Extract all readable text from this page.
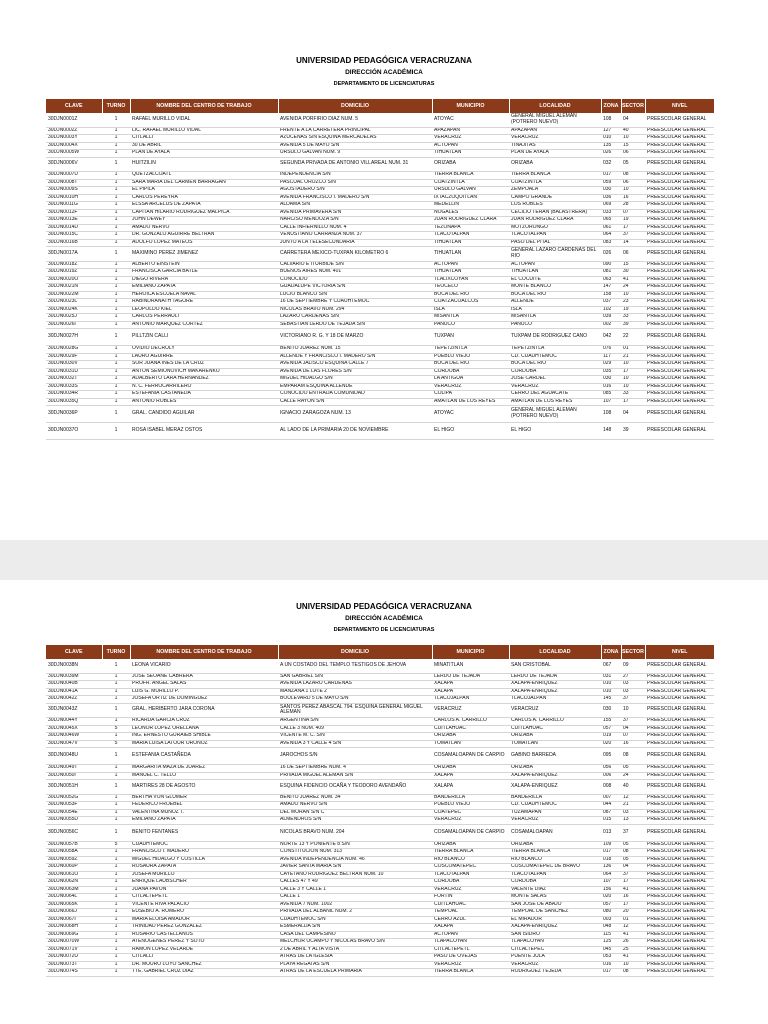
UNIVERSIDAD PEDAGÓGICA VERACRUZANA
DIRECCIÓN ACADÉMICA
DEPARTAMENTO DE LICENCIATURAS
CLAVE	TURNO	NOMBRE DEL CENTRO DE TRABAJO	DOMICILIO	MUNICIPIO	LOCALIDAD	ZONA	SECTOR	NIVEL
30DJN0001Z	1	RAFAEL MURILLO VIDAL	AVENIDA PORFIRIO DIAZ NUM. 5	ATOYAC	GENERAL MIGUEL ALEMAN (POTRERO NUEVO)	108	04	PREESCOLAR GENERAL
30DJN0002Z	1	LIC. RAFAEL MURILLO VIDAL	FRENTE A LA CARRETERA PRINCIPAL	APAZAPAN	APAZAPAN	127	40	PREESCOLAR GENERAL
30DJN0003Y	1	CITLALLI	AZUCENAS S/N ESQUINA MERCADELAS	VERACRUZ	VERACRUZ	010	10	PREESCOLAR GENERAL
30DJN0004X	1	30 DE ABRIL	AVENIDA 5 DE MAYO S/N	ACTOPAN	TINAJITAS	135	15	PREESCOLAR GENERAL
30DJN0005W	1	PLAN DE AYALA	URSULO GALVAN NUM. 9	TIHUATLAN	PLAN DE AYALA	026	06	PREESCOLAR GENERAL
30DJN0006V	1	HUITZILIN	SEGUNDA PRIVADA DE ANTONIO VILLAREAL NUM. 31	ORIZABA	ORIZABA	032	05	PREESCOLAR GENERAL
30DJN0007U	1	QUETZALCOATL	INDEPENDENCIA S/N	TIERRA BLANCA	TIERRA BLANCA	017	08	PREESCOLAR GENERAL
30DJN0008T	1	SARA MARIA DEL CARMEN BARRAGAN	PASCUAL OROZCO S/N	COATZINTLA	COATZINTLA	059	06	PREESCOLAR GENERAL
30DJN0009S	1	EL PIPILA	AGOSTADERO S/N	URSULO GALVAN	ZEMPOALA	030	10	PREESCOLAR GENERAL
30DJN0010H	1	CARLOS PEREYRA	AVENIDA FRANCISCO I. MADERO S/N	IXTACZOQUITLAN	CAMPO GRANDE	036	16	PREESCOLAR GENERAL
30DJN0011G	1	ELSSA ARCELUS DE ZAPATA	ALDAMA S/N	MEDELLIN	LOS ROBLES	069	28	PREESCOLAR GENERAL
30DJN0012F	1	CAPITAN HILARIO RODRIGUEZ MALPICA	AVENIDA PRIMAVERA S/N	NOGALES	CECILIO TERAN (BALASTRERA)	033	07	PREESCOLAR GENERAL
30DJN0013E	1	JOHN DEWEY	NARCISO MENDOZA S/N	JUAN RODRIGUEZ CLARA	JUAN RODRIGUEZ CLARA	065	19	PREESCOLAR GENERAL
30DJN0014D	1	AMADO NERVO	CALLE INFIERNILLO NUM. 4	TEZONAPA	MOTZORONGO	061	17	PREESCOLAR GENERAL
30DJN0015C	1	DR. GONZALO AGUIRRE BELTRAN	VENUSTIANO CARRANZA NUM. 37	TLACOTALPAN	TLACOTALPAN	064	37	PREESCOLAR GENERAL
30DJN0016B	1	ADOLFO LOPEZ MATEOS	JUNTO A LA TELESECUNDARIA	TIHUATLAN	PASO DEL PITAL	083	14	PREESCOLAR GENERAL
30DJN0017A	1	MAXIMINO PEREZ JIMENEZ	CARRETERA MEXICO-TUXPAN KILOMETRO 6	TIHUATLAN	GENERAL LAZARO CARDENAS DEL RIO	026	06	PREESCOLAR GENERAL
30DJN0018Z	1	ALBERTO EINSTEIN	CALVARIO E ITURBIDE S/N	ACTOPAN	ACTOPAN	090	15	PREESCOLAR GENERAL
30DJN0019Z	1	FRANCISCA GARCIA BATLE	BUENOS AIRES NUM. 401	TIHUATLAN	TIHUATLAN	081	30	PREESCOLAR GENERAL
30DJN0020O	1	DIEGO RIVERA	CONOCIDO	TLALIXCOYAN	EL COCUITE	063	41	PREESCOLAR GENERAL
30DJN0021N	1	EMILIANO ZAPATA	GUADALUPE VICTORIA S/N	TEOCELO	MONTE BLANCO	147	24	PREESCOLAR GENERAL
30DJN0022M	1	HEROICA ESCUELA NAVAL	LUCIO BLANCO S/N	BOCA DEL RIO	BOCA DEL RIO	158	10	PREESCOLAR GENERAL
30DJN0023L	1	RABINDRANATH TAGORE	16 DE SEPTIEMBRE Y CUAUHTEMOC	COATZACOALCOS	ALLENDE	037	23	PREESCOLAR GENERAL
30DJN0024K	1	LEOPOLDO KIEL	NICOLAS BRAVO NUM. 294	ISLA	ISLA	102	19	PREESCOLAR GENERAL
30DJN0025J	1	CARLOS PERRAULT	LAZARO CARDENAS S/N	MISANTLA	MISANTLA	039	33	PREESCOLAR GENERAL
30DJN0026I	1	ANTONIO MARQUEZ CORTEZ	SEBASTIAN LERDO DE TEJADA S/N	PANUCO	PANUCO	002	39	PREESCOLAR GENERAL
30DJN0027H	1	PILLTZIN CALLI	VICTORIANO R. G. Y 18 DE MARZO	TUXPAN	TUXPAM DE RODRIGUEZ CANO	042	22	PREESCOLAR GENERAL
30DJN0028G	1	OVIDIO DECROLY	BENITO JUAREZ NUM. 15	TEPETZINTLA	TEPETZINTLA	076	01	PREESCOLAR GENERAL
30DJN0029F	1	LAURO AGUIRRE	ALLENDE Y FRANCISCO I. MADERO S/N	PUEBLO VIEJO	CD. CUAUHTEMOC	117	21	PREESCOLAR GENERAL
30DJN0030V	1	SOR JUANA INES DE LA CRUZ	AVENIDA JALISCO ESQUINA CALLE 7	BOCA DEL RIO	BOCA DEL RIO	029	10	PREESCOLAR GENERAL
30DJN0031U	1	ANTON SEMIONOVICH MAKARENKO	AVENIDA DE LAS FLORES S/N	CORDOBA	CORDOBA	035	17	PREESCOLAR GENERAL
30DJN0032T	1	ADALBERTO LARA HERNANDEZ	MIGUEL HIDALGO S/N	LA ANTIGUA	JOSE CARDEL	030	10	PREESCOLAR GENERAL
30DJN0033S	1	N. C. FERROCARRILERO	EMPARAM ESQUINA ALLENDE	VERACRUZ	VERACRUZ	016	10	PREESCOLAR GENERAL
30DJN0034R	1	ESTEFANIA CASTAÑEDA	CONOCIDO ENTRADA COMUNIDAD	COLIPA	CERRO DEL AGUACATE	085	33	PREESCOLAR GENERAL
30DJN0035Q	1	ANTONIO ROBLES	CALLE RAYON S/N	AMATLAN DE LOS REYES	AMATLAN DE LOS REYES	107	17	PREESCOLAR GENERAL
30DJN0036P	1	GRAL. CANDIDO AGUILAR	IGNACIO ZARAGOZA NUM. 13	ATOYAC	GENERAL MIGUEL ALEMAN (POTRERO NUEVO)	108	04	PREESCOLAR GENERAL
30DJN0037O	1	ROSA ISABEL MERAZ OSTOS	AL LADO DE LA PRIMARIA 20 DE NOVIEMBRE	EL HIGO	EL HIGO	148	39	PREESCOLAR GENERAL
UNIVERSIDAD PEDAGÓGICA VERACRUZANA
DIRECCIÓN ACADÉMICA
DEPARTAMENTO DE LICENCIATURAS
CLAVE	TURNO	NOMBRE DEL CENTRO DE TRABAJO	DOMICILIO	MUNICIPIO	LOCALIDAD	ZONA	SECTOR	NIVEL
30DJN0038N	1	LEONA VICARIO	A UN COSTADO DEL TEMPLO TESTIGOS DE JEHOVA	MINATITLAN	SAN CRISTOBAL	067	09	PREESCOLAR GENERAL
30DJN0039M	1	JOSE SEOANE CABRERA	SAN GABRIEL S/N	LERDO DE TEJADA	LERDO DE TEJADA	031	27	PREESCOLAR GENERAL
30DJN0040B	1	PROFR. ANGEL SALAS	AVENIDA LAZARO CARDENAS	XALAPA	XALAPA-ENRIQUEZ	010	03	PREESCOLAR GENERAL
30DJN0041A	1	LUIS G. MURILLO P.	MANZANA 1 LOTE 2	XALAPA	XALAPA-ENRIQUEZ	010	03	PREESCOLAR GENERAL
30DJN0042Z	1	JOSEFA ORTIZ DE DOMINGUEZ	BOULEVARD 5 DE MAYO S/N	TLACOJALPAN	TLACOJALPAN	145	37	PREESCOLAR GENERAL
30DJN0043Z	1	GRAL. HERIBERTO JARA CORONA	SANTOS PEREZ ABASCAL 794. ESQUINA GENERAL MIGUEL ALEMAN	VERACRUZ	VERACRUZ	030	10	PREESCOLAR GENERAL
30DJN0044Y	1	RICARDA GARCIA CRUZ	ARGENTINA S/N	CARLOS A. CARRILLO	CARLOS A. CARRILLO	155	37	PREESCOLAR GENERAL
30DJN0045X	5	LEONOR LOPEZ ORELLANA	CALLE 3 NUM. 409	CUITLAHUAC	CUITLAHUAC	057	04	PREESCOLAR GENERAL
30DJN0046W	1	ING. ERNESTO GURAIEB SHIBLE	VICENTE M. C. S/N	ORIZABA	ORIZABA	019	07	PREESCOLAR GENERAL
30DJN0047V	5	MARIA LUISA LATOUR ORONOZ	AVENIDA 3 Y CALLE 4 S/N	TOMATLAN	TOMATLAN	020	16	PREESCOLAR GENERAL
30DJN0048U	1	ESTEFANIA CASTAÑEDA	JAROCHOS S/N	COSAMALOAPAN DE CARPIO	GABINO BARREDA	095	08	PREESCOLAR GENERAL
30DJN0049T	1	MARGARITA MAZA DE JUAREZ	16 DE SEPTIEMBRE NUM. 4	ORIZABA	ORIZABA	056	05	PREESCOLAR GENERAL
30DJN0050I	1	MANUEL C. TELLO	PRIVADA MIGUEL ALEMAN S/N	XALAPA	XALAPA-ENRIQUEZ	006	24	PREESCOLAR GENERAL
30DJN0051H	1	MARTIRES 28 DE AGOSTO	ESQUINA FIDENCIO OCAÑA Y TEODORO AVENDAÑO	XALAPA	XALAPA-ENRIQUEZ	008	40	PREESCOLAR GENERAL
30DJN0052G	1	BERTHA VON GLUMER	BENITO JUAREZ NUM. 34	BANDERILLA	BANDERILLA	007	12	PREESCOLAR GENERAL
30DJN0053F	1	FEDERICO FROEBEL	AMADO NERVO S/N	PUEBLO VIEJO	CD. CUAUHTEMOC	044	21	PREESCOLAR GENERAL
30DJN0054E	1	VALENTINA MUÑOZ T.	DEL MORAN S/N C	COATEPEC	TUZAMAPAN	087	03	PREESCOLAR GENERAL
30DJN0055D	1	EMILIANO ZAPATA	ALMENDROS S/N	VERACRUZ	VERACRUZ	015	13	PREESCOLAR GENERAL
30DJN0056C	1	BENITO FENTANES	NICOLAS BRAVO NUM. 204	COSAMALOAPAN DE CARPIO	COSAMALOAPAN	013	37	PREESCOLAR GENERAL
30DJN0057B	5	CUAUHTEMOC	NORTE 13 Y PONIENTE 8 S/N	ORIZABA	ORIZABA	109	05	PREESCOLAR GENERAL
30DJN0058A	1	FRANCISCO I. MADERO	CONSTITUCION NUM. 313	TIERRA BLANCA	TIERRA BLANCA	017	08	PREESCOLAR GENERAL
30DJN0059Z	1	MIGUEL HIDALGO Y COSTILLA	AVENIDA INDEPENDENCIA NUM. 46	RIO BLANCO	RIO BLANCO	018	05	PREESCOLAR GENERAL
30DJN0060P	1	ROSAURA ZAPATA	JAVIER SANTA MARIA S/N	COSCOMATEPEC	COSCOMATEPEC DE BRAVO	136	04	PREESCOLAR GENERAL
30DJN0061O	1	JOSEFA MURILLO	CAYETANO RODRIGUEZ BELTRAN NUM. 10	TLACOTALPAN	TLACOTALPAN	064	37	PREESCOLAR GENERAL
30DJN0062N	1	ENRIQUE LAUBSCHER	CALLES 47 Y 49	CORDOBA	CORDOBA	107	17	PREESCOLAR GENERAL
30DJN0063M	1	JUANA PAVON	CALLE 3 Y CALLE 1	VERACRUZ	VALENTE DIAZ	156	41	PREESCOLAR GENERAL
30DJN0064L	1	CITLALTEPETL	CALLE 1	FORTIN	MONTE SALAS	020	16	PREESCOLAR GENERAL
30DJN0065K	1	VICENTE RIVA PALACIO	AVENIDA 7 NUM. 1002	CUITLAHUAC	SAN JOSE DE ABAJO	057	17	PREESCOLAR GENERAL
30DJN0066J	1	EUSEBIO A. ROMERO	PRIVADA DEL ALBANIL NUM. 2	TEMPOAL	TEMPOAL DE SANCHEZ	080	20	PREESCOLAR GENERAL
30DJN0067I	1	MARIA ELOISA AMADOR	CUAUHTEMOC S/N	CERRO AZUL	EL MIRADOR	003	01	PREESCOLAR GENERAL
30DJN0068H	1	TRINIDAD PEREZ GONZALEZ	ESMERALDA S/N	XALAPA	XALAPA-ENRIQUEZ	048	12	PREESCOLAR GENERAL
30DJN0069G	1	ROSARIO CASTELLANOS	CASA DEL CAMPESINO	ACTOPAN	SAN ISIDRO	115	41	PREESCOLAR GENERAL
30DJN0070W	1	ATENOGENES PEREZ Y SOTO	MELCHOR OCAMPO Y NICOLAS BRAVO S/N	TLAPACOYAN	TLAPACOYAN	125	26	PREESCOLAR GENERAL
30DJN0071V	1	RAMON LOPEZ VELARDE	2 DE ABRIL Y ALTA VISTA	CITLALTEPETL	CITLALTEPEC	045	25	PREESCOLAR GENERAL
30DJN0072U	1	CITLALLI	ATRAS DE LA IGLESIA	PASO DE OVEJAS	PUENTE JULA	053	41	PREESCOLAR GENERAL
30DJN0073T	1	DR. MOURO LOYO SANCHEZ	PLAYA REGATAS S/N	VERACRUZ	VERACRUZ	016	10	PREESCOLAR GENERAL
30DJN0074S	1	TTE. GABRIEL CRUZ DIAZ	ATRAS DE LA ESCUELA PRIMARIA	TIERRA BLANCA	RODRIGUEZ TEJEDA	017	08	PREESCOLAR GENERAL
